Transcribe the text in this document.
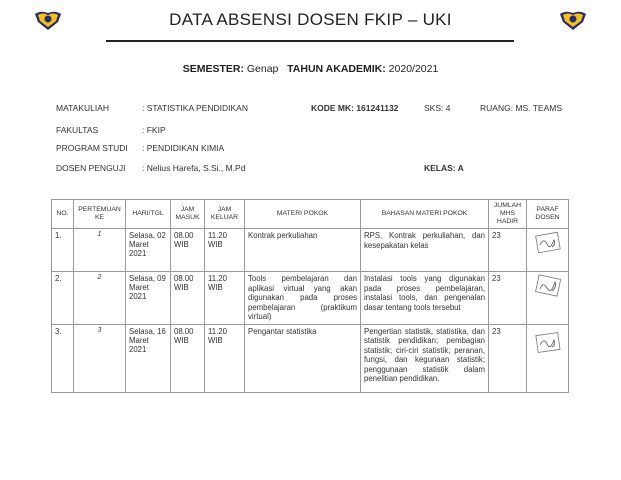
DATA ABSENSI DOSEN FKIP – UKI
SEMESTER: Genap TAHUN AKADEMIK: 2020/2021
MATAKULIAH	: STATISTIKA PENDIDIKAN	KODE MK: 161241132	SKS: 4	RUANG: MS. TEAMS
FAKULTAS	: FKIP
PROGRAM STUDI : PENDIDIKAN KIMIA
DOSEN PENGUJI : Nelius Harefa, S.Si., M.Pd	KELAS: A
NO.	PERTEMUAN KE	HARI/TGL	JAM MASUK	JAM KELUAR	MATERI POKOK	BAHASAN MATERI POKOK	JUMLAH MHS HADIR	PARAF DOSEN
1.	1	Selasa, 02 Maret 2021	08.00 WIB	11.20 WIB	Kontrak perkuliahan	RPS, Kontrak perkuliahan, dan kesepakatan kelas	23	

2.	2	Selasa, 09 Maret 2021	08.00 WIB	11.20 WIB	Tools pembelajaran dan aplikasi virtual yang akan digunakan pada proses pembelajaran (praktikum virtual)	Instalasi tools yang digunakan pada proses pembelajaran, instalasi tools, dan pengenalan dasar tentang tools tersebut	23	

3.	3	Selasa, 16 Maret 2021	08.00 WIB	11.20 WIB	Pengantar statistika	Pengertian statistik, statistika, dan statistik pendidikan; pembagian statistik; ciri-ciri statistik; peranan, fungsi, dan kegunaan statistik; penggunaan statistik dalam penelitian pendidikan.	23	
